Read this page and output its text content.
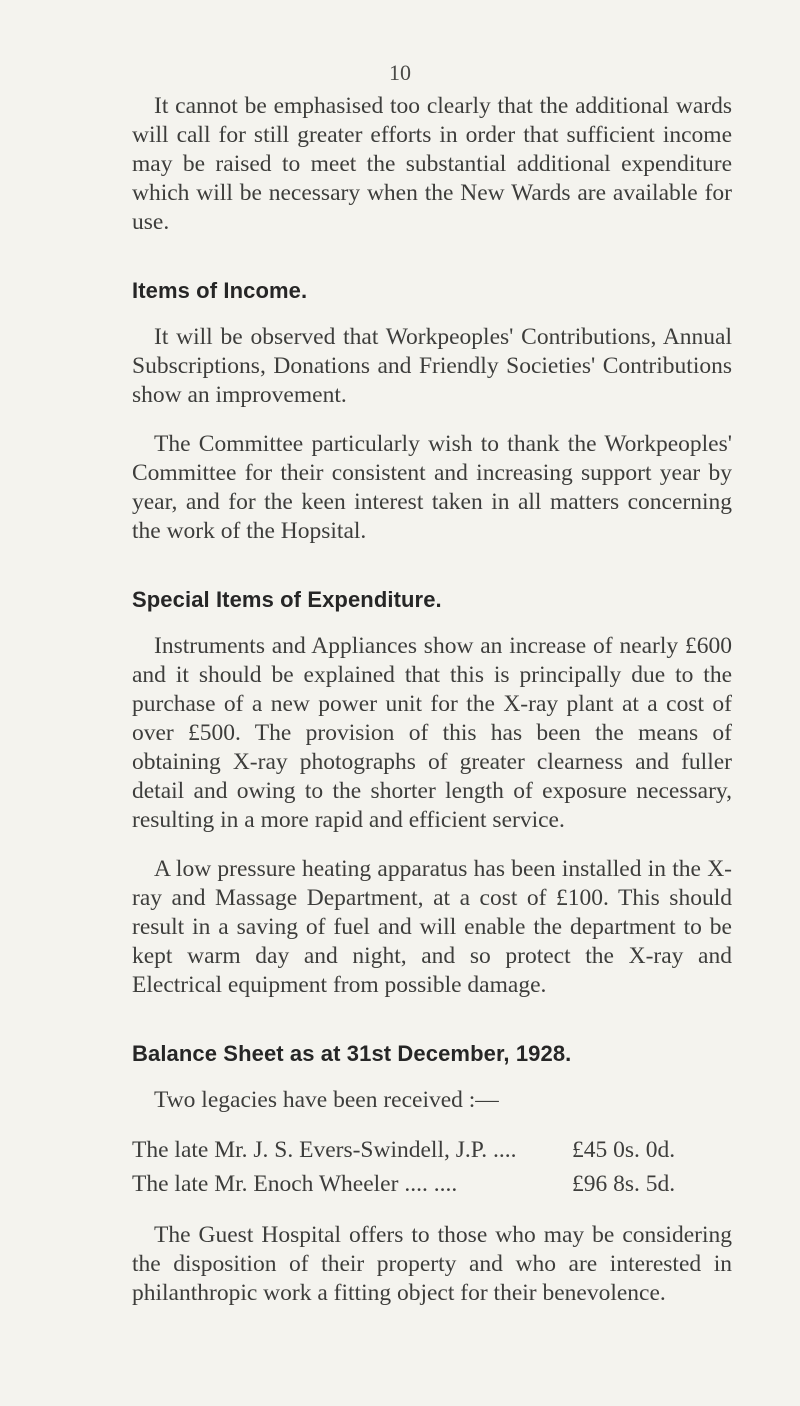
10

It cannot be emphasised too clearly that the additional wards will call for still greater efforts in order that sufficient income may be raised to meet the substantial additional expenditure which will be necessary when the New Wards are available for use.

Items of Income.

It will be observed that Workpeoples' Contributions, Annual Subscriptions, Donations and Friendly Societies' Contributions show an improvement.

The Committee particularly wish to thank the Workpeoples' Committee for their consistent and increasing support year by year, and for the keen interest taken in all matters concerning the work of the Hopsital.

Special Items of Expenditure.

Instruments and Appliances show an increase of nearly £600 and it should be explained that this is principally due to the purchase of a new power unit for the X-ray plant at a cost of over £500. The provision of this has been the means of obtaining X-ray photographs of greater clearness and fuller detail and owing to the shorter length of exposure necessary, resulting in a more rapid and efficient service.

A low pressure heating apparatus has been installed in the X-ray and Massage Department, at a cost of £100. This should result in a saving of fuel and will enable the department to be kept warm day and night, and so protect the X-ray and Electrical equipment from possible damage.

Balance Sheet as at 31st December, 1928.

Two legacies have been received :—

The late Mr. J. S. Evers-Swindell, J.P. .... £45 0s. 0d.
The late Mr. Enoch Wheeler .... ....	£96 8s. 5d.

The Guest Hospital offers to those who may be considering the disposition of their property and who are interested in philanthropic work a fitting object for their benevolence.
